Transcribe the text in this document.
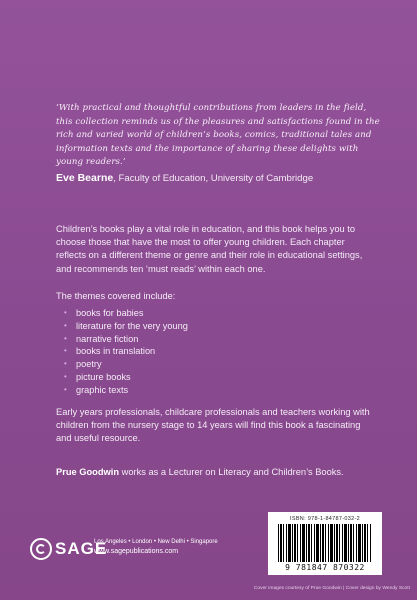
‘With practical and thoughtful contributions from leaders in the field, this collection reminds us of the pleasures and satisfactions found in the rich and varied world of children’s books, comics, traditional tales and information texts and the importance of sharing these delights with young readers.’
Eve Bearne, Faculty of Education, University of Cambridge
Children’s books play a vital role in education, and this book helps you to choose those that have the most to offer young children. Each chapter reflects on a different theme or genre and their role in educational settings, and recommends ten ‘must reads’ within each one.
The themes covered include:
• books for babies
• literature for the very young
• narrative fiction
• books in translation
• poetry
• picture books
• graphic texts
Early years professionals, childcare professionals and teachers working with children from the nursery stage to 14 years will find this book a fascinating and useful resource.
Prue Goodwin works as a Lecturer on Literacy and Children’s Books.
SAGE
Los Angeles • London • New Delhi • Singapore
www.sagepublications.com
ISBN: 978-1-84787-032-2
9 781847 870322
Cover images courtesy of Prue Goodwin | Cover design by Wendy Scott
